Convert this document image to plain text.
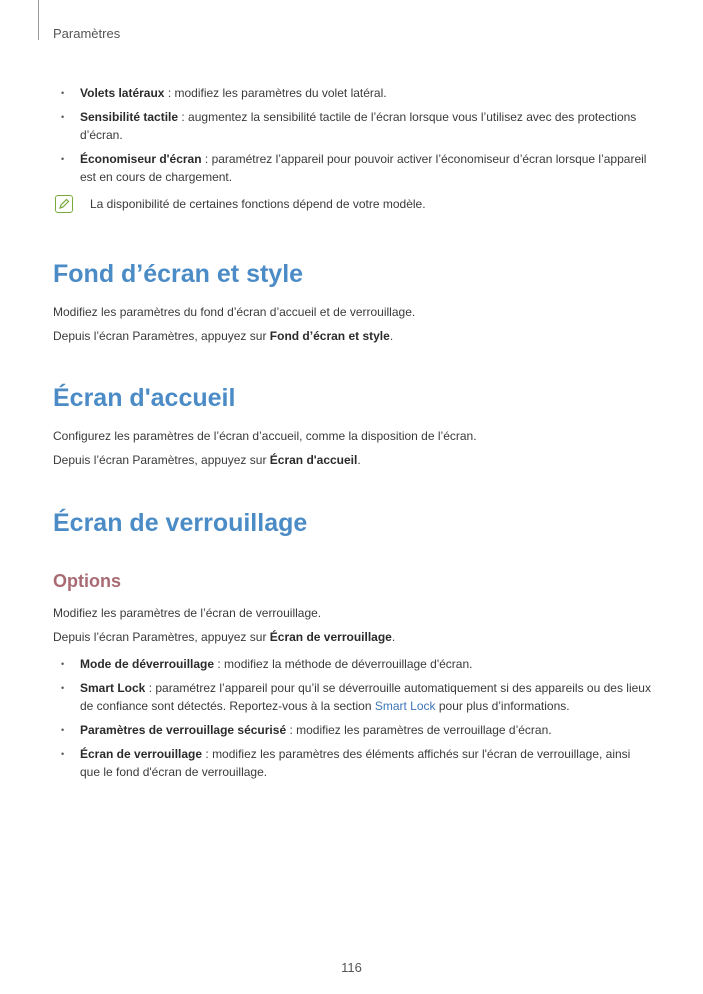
Paramètres
• Volets latéraux : modifiez les paramètres du volet latéral.
• Sensibilité tactile : augmentez la sensibilité tactile de l’écran lorsque vous l’utilisez avec des protections d’écran.
• Économiseur d'écran : paramétrez l’appareil pour pouvoir activer l’économiseur d’écran lorsque l’appareil est en cours de chargement.
La disponibilité de certaines fonctions dépend de votre modèle.
Fond d’écran et style
Modifiez les paramètres du fond d’écran d’accueil et de verrouillage.
Depuis l’écran Paramètres, appuyez sur Fond d’écran et style.
Écran d'accueil
Configurez les paramètres de l’écran d’accueil, comme la disposition de l’écran.
Depuis l’écran Paramètres, appuyez sur Écran d'accueil.
Écran de verrouillage
Options
Modifiez les paramètres de l’écran de verrouillage.
Depuis l’écran Paramètres, appuyez sur Écran de verrouillage.
• Mode de déverrouillage : modifiez la méthode de déverrouillage d'écran.
• Smart Lock : paramétrez l’appareil pour qu’il se déverrouille automatiquement si des appareils ou des lieux de confiance sont détectés. Reportez-vous à la section Smart Lock pour plus d’informations.
• Paramètres de verrouillage sécurisé : modifiez les paramètres de verrouillage d’écran.
• Écran de verrouillage : modifiez les paramètres des éléments affichés sur l'écran de verrouillage, ainsi que le fond d'écran de verrouillage.
116
